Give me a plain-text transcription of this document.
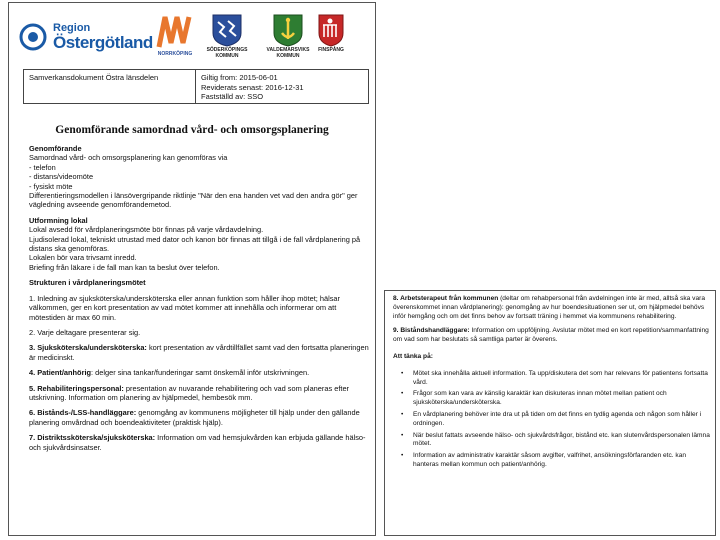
Region
Östergötland
NORRKÖPING
SÖDERKÖPINGS KOMMUN
VALDEMARSVIKS KOMMUN
FINSPÅNG
Samverkansdokument Östra länsdelen	Giltig from: 2015-06-01
Reviderats senast: 2016-12-31
Fastställd av: SSO
Genomförande samordnad vård- och omsorgsplanering
Genomförande
Samordnad vård- och omsorgsplanering kan genomföras via
- telefon
- distans/videomöte
- fysiskt möte
Differentieringsmodellen i länsövergripande riktlinje "När den ena handen vet vad den andra gör" ger vägledning avseende genomförandemetod.
Utformning lokal
Lokal avsedd för vårdplaneringsmöte bör finnas på varje vårdavdelning.
Ljudisolerad lokal, tekniskt utrustad med dator och kanon bör finnas att tillgå i de fall vårdplanering på distans ska genomföras.
Lokalen bör vara trivsamt inredd.
Briefing från läkare i de fall man kan ta beslut över telefon.
Strukturen i vårdplaneringsmötet
1. Inledning av sjuksköterska/undersköterska eller annan funktion som håller ihop mötet; hälsar välkommen, ger en kort presentation av vad mötet kommer att innehålla och informerar om att mötestiden är max 60 min.
2. Varje deltagare presenterar sig.
3. Sjuksköterska/undersköterska: kort presentation av vårdtillfället samt vad den fortsatta planeringen är medicinskt.
4. Patient/anhörig: delger sina tankar/funderingar samt önskemål inför utskrivningen.
5. Rehabiliteringspersonal: presentation av nuvarande rehabilitering och vad som planeras efter utskrivning. Information om planering av hjälpmedel, hembesök mm.
6. Bistånds-/LSS-handläggare: genomgång av kommunens möjligheter till hjälp under den gällande planering omvårdnad och boendeaktiviteter (praktisk hjälp).
7. Distriktssköterska/sjuksköterska: Information om vad hemsjukvården kan erbjuda gällande hälso- och sjukvårdsinsatser.
8. Arbetsterapeut från kommunen (deltar om rehabpersonal från avdelningen inte är med, alltså ska vara överenskommet innan vårdplanering): genomgång av hur boendesituationen ser ut, om hjälpmedel behövs inför hemgång och om det finns behov av fortsatt träning i hemmet via kommunens rehabilitering.
9. Biståndshandläggare: Information om uppföljning. Avslutar mötet med en kort repetition/sammanfattning om vad som har beslutats så samtliga parter är överens.
Att tänka på:
• Mötet ska innehålla aktuell information. Ta upp/diskutera det som har relevans för patientens fortsatta vård.
• Frågor som kan vara av känslig karaktär kan diskuteras innan mötet mellan patient och sjuksköterska/undersköterska.
• En vårdplanering behöver inte dra ut på tiden om det finns en tydlig agenda och någon som håller i ordningen.
• När beslut fattats avseende hälso- och sjukvårdsfrågor, bistånd etc. kan slutenvårdspersonalen lämna mötet.
• Information av administrativ karaktär såsom avgifter, valfrihet, ansökningsförfaranden etc. kan hanteras mellan kommun och patient/anhörig.
